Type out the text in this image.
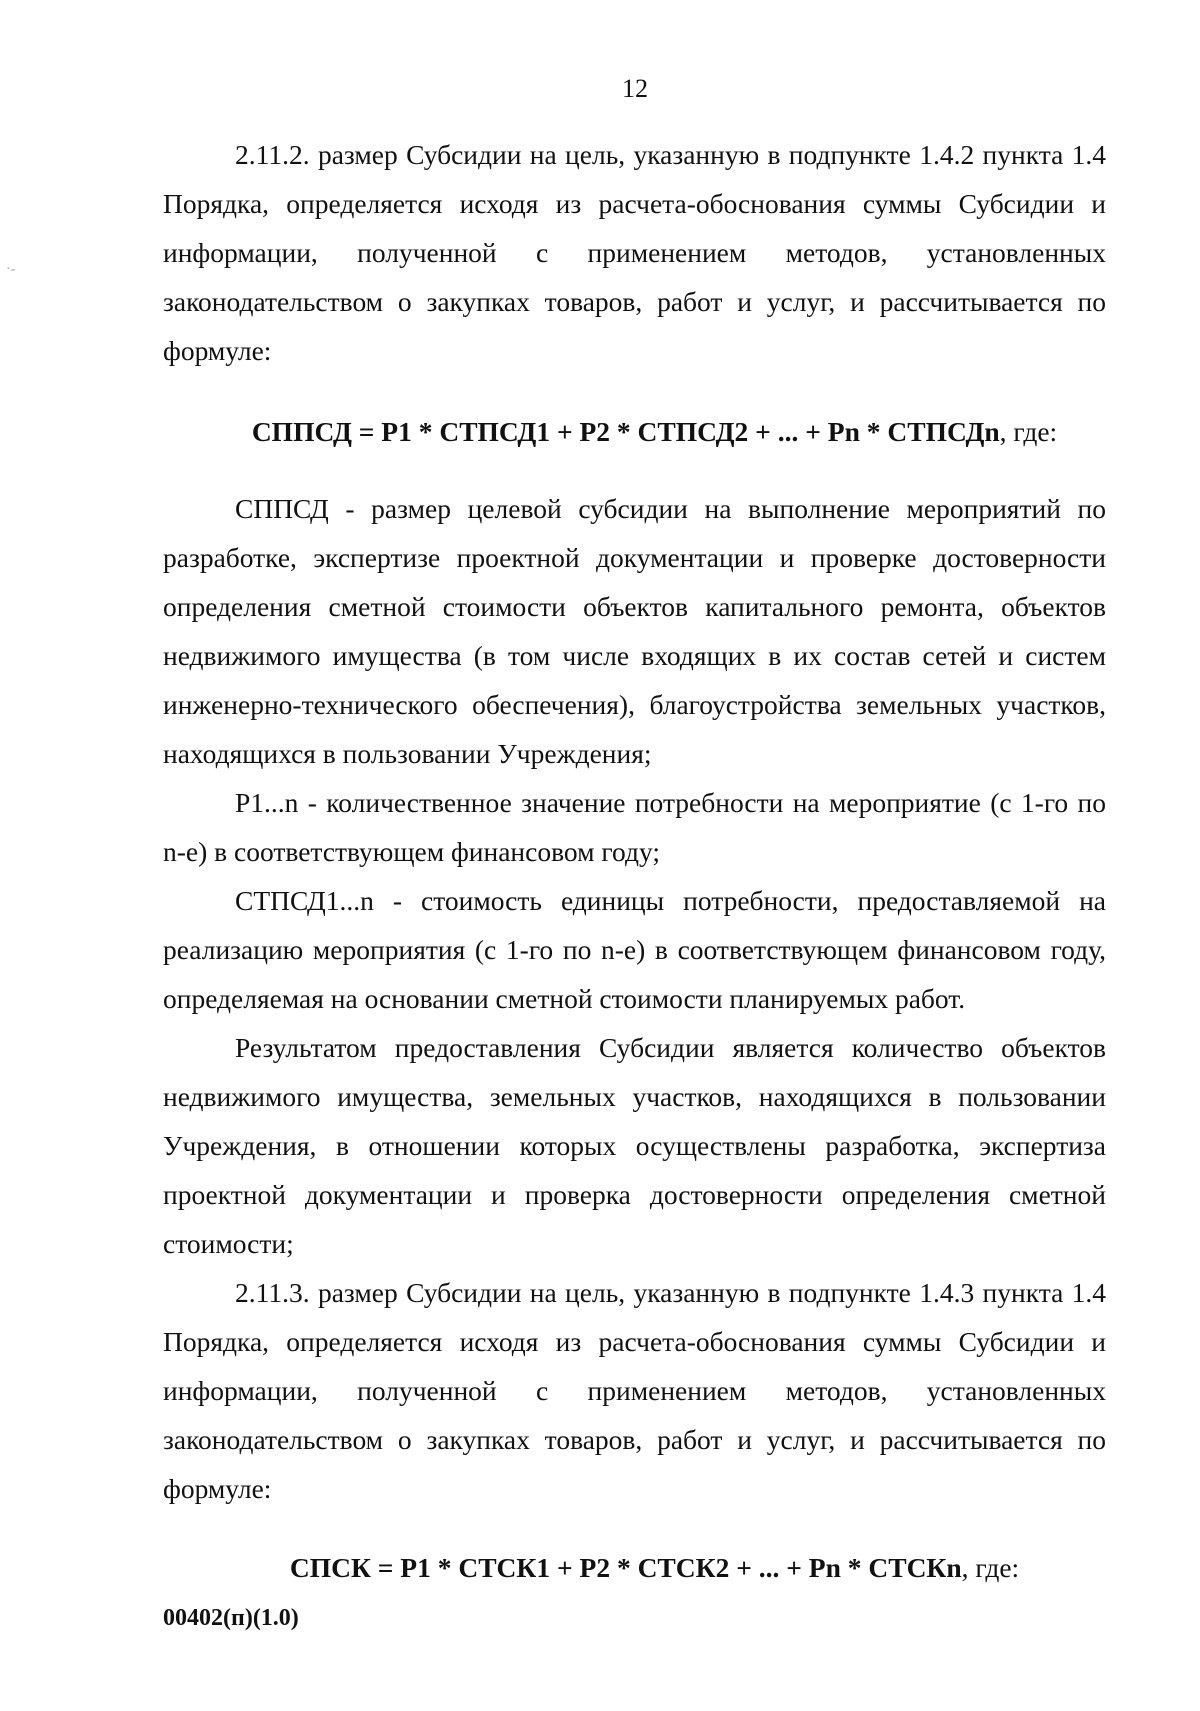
12

2.11.2. размер Субсидии на цель, указанную в подпункте 1.4.2 пункта 1.4 Порядка, определяется исходя из расчета-обоснования суммы Субсидии и информации, полученной с применением методов, установленных законодательством о закупках товаров, работ и услуг, и рассчитывается по формуле:

СППСД = Р1 * СТПСД1 + Р2 * СТПСД2 + ... + Рn * СТПСДn, где:

СППСД - размер целевой субсидии на выполнение мероприятий по разработке, экспертизе проектной документации и проверке достоверности определения сметной стоимости объектов капитального ремонта, объектов недвижимого имущества (в том числе входящих в их состав сетей и систем инженерно-технического обеспечения), благоустройства земельных участков, находящихся в пользовании Учреждения;

Р1...n - количественное значение потребности на мероприятие (с 1-го по n-е) в соответствующем финансовом году;

СТПСД1...n - стоимость единицы потребности, предоставляемой на реализацию мероприятия (с 1-го по n-е) в соответствующем финансовом году, определяемая на основании сметной стоимости планируемых работ.

Результатом предоставления Субсидии является количество объектов недвижимого имущества, земельных участков, находящихся в пользовании Учреждения, в отношении которых осуществлены разработка, экспертиза проектной документации и проверка достоверности определения сметной стоимости;

2.11.3. размер Субсидии на цель, указанную в подпункте 1.4.3 пункта 1.4 Порядка, определяется исходя из расчета-обоснования суммы Субсидии и информации, полученной с применением методов, установленных законодательством о закупках товаров, работ и услуг, и рассчитывается по формуле:

СПСК = Р1 * СТСК1 + Р2 * СТСК2 + ... + Рn * СТСКn, где:

00402(п)(1.0)
·-
